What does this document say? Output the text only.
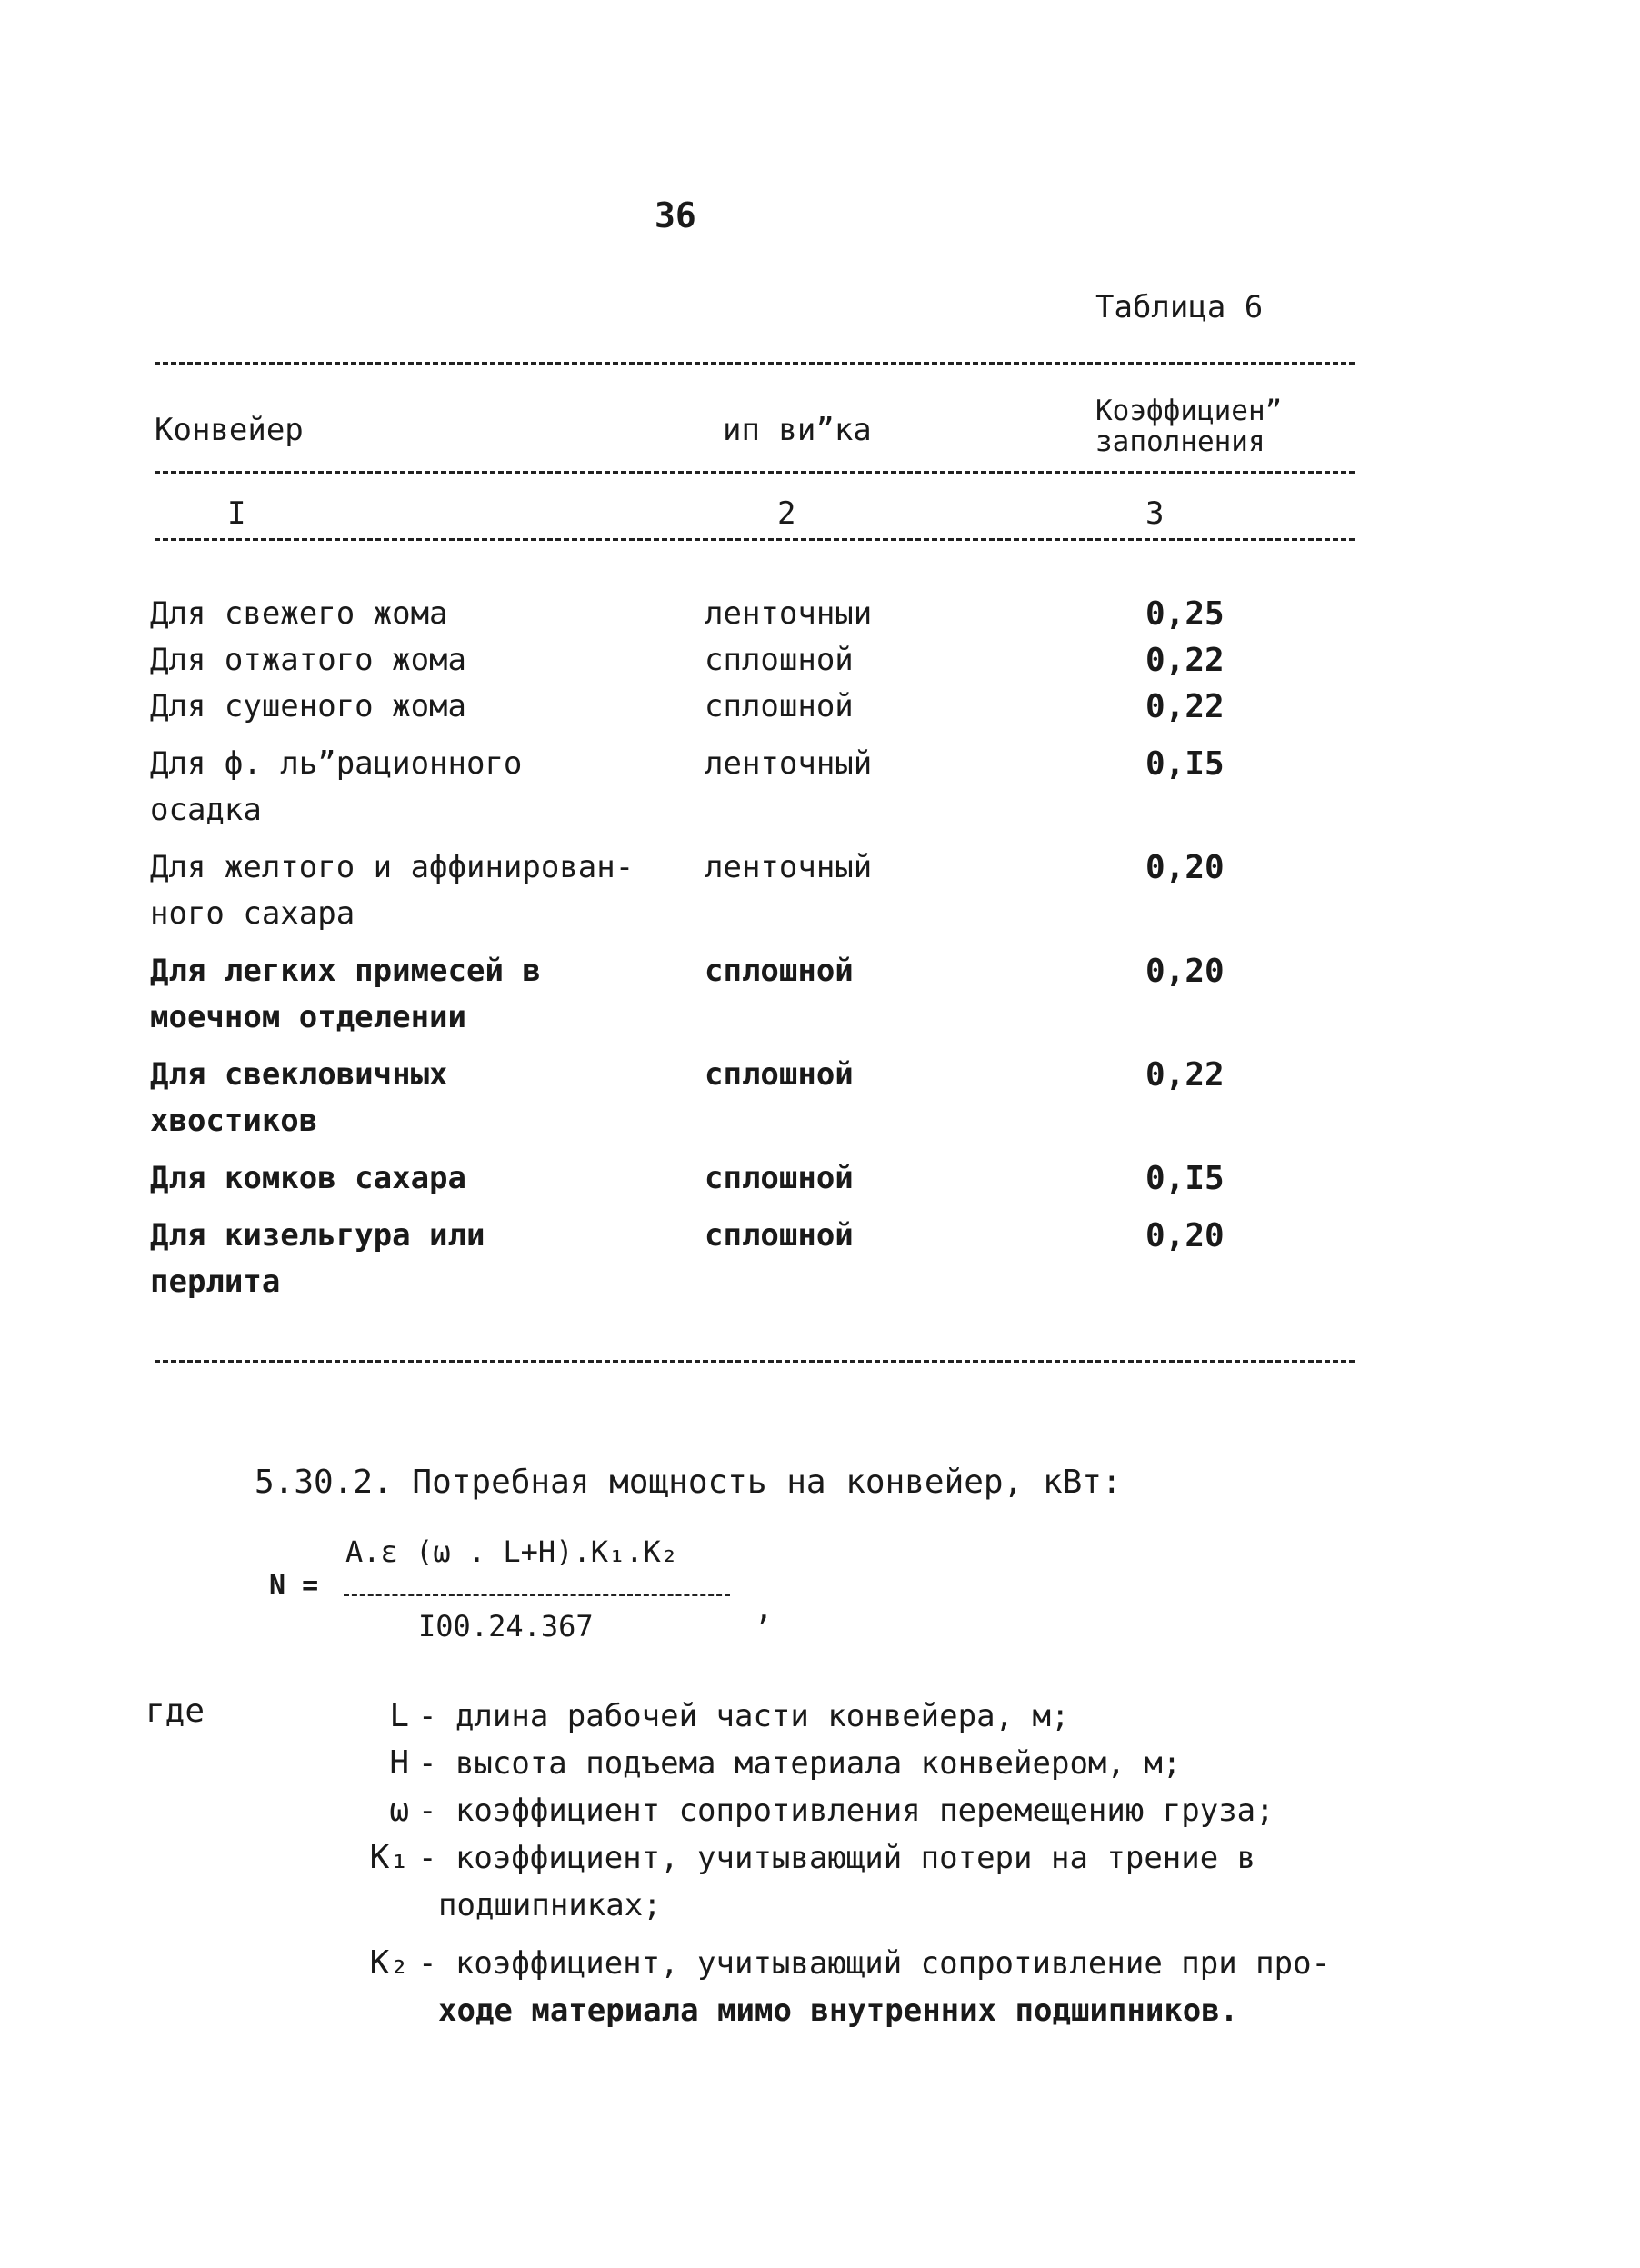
36
Таблица 6
Конвейер	ип ви”ка
Коэффициен”
заполнения
I	2	3
Для свежего жома	ленточныи	0,25
Для отжатого жома	сплошной	0,22
Для сушеного жома	сплошной	0,22
Для ф. ль”рационного
осадка
ленточный	0,I5
Для желтого и аффинирован-
ного сахара
ленточный	0,20
Для легких примесей в
моечном отделении
сплошной	0,20
Для свекловичных
хвостиков
сплошной	0,22
Для комков сахара	сплошной	0,I5
Для кизельгура или
перлита
сплошной	0,20
5.30.2. Потребная мощность на конвейер, кВт:
A.ε (ω . L+H).K₁.K₂
N =
I00.24.367	,
где	L - длина рабочей части конвейера, м;
H - высота подъема материала конвейером, м;
ω - коэффициент сопротивления перемещению груза;
K₁ - коэффициент, учитывающий потери на трение в
подшипниках;
K₂ - коэффициент, учитывающий сопротивление при про-
ходе материала мимо внутренних подшипников.
